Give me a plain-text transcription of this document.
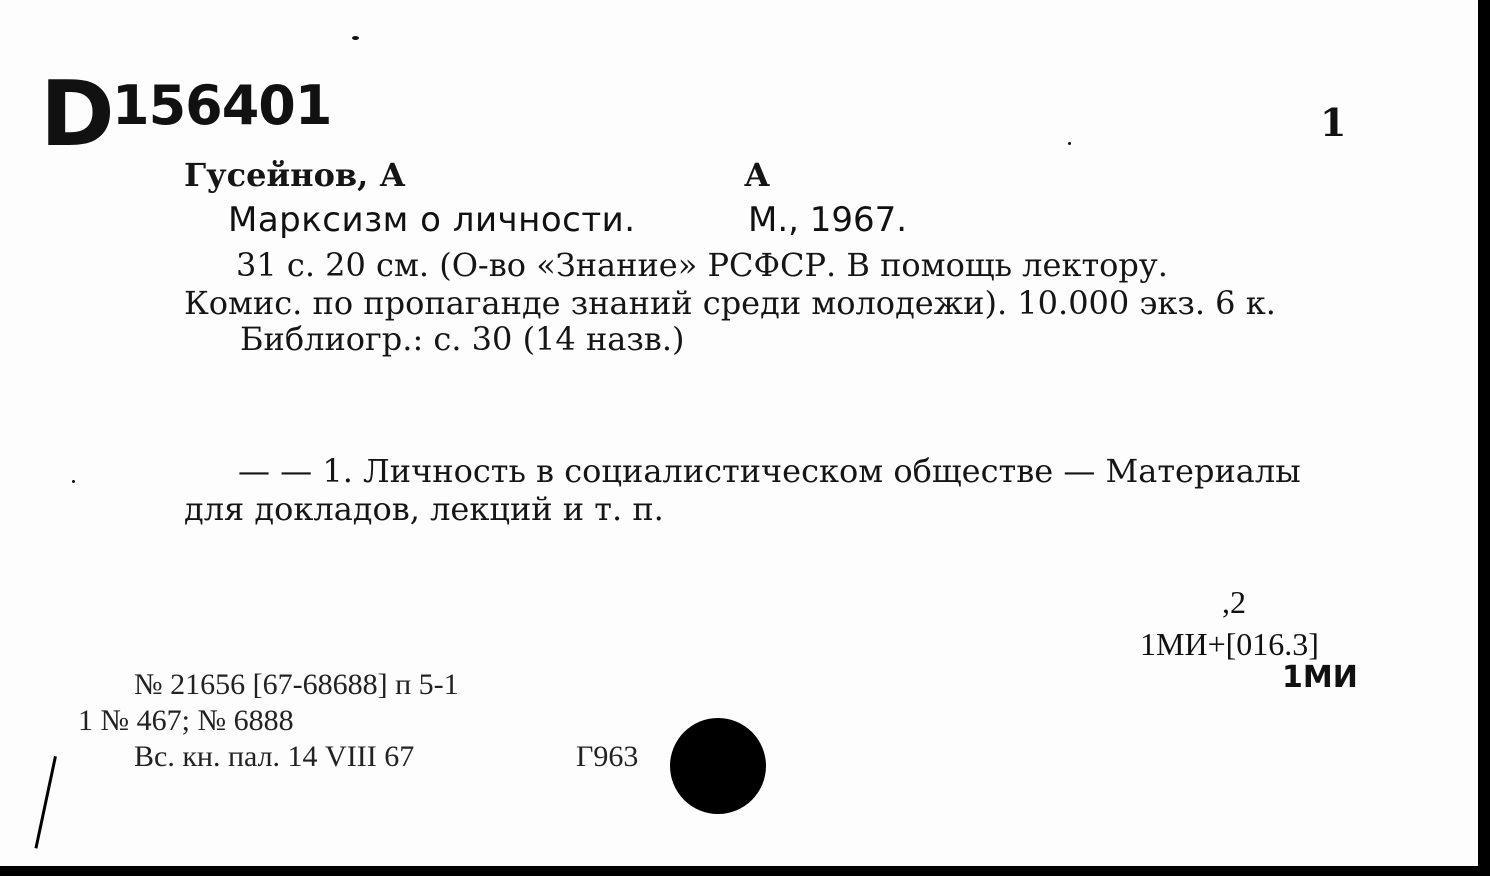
D 156401	1
Гусейнов, А	А
Марксизм о личности.	М., 1967.
31 с. 20 см. (О-во «Знание» РСФСР. В помощь лектору.
Комис. по пропаганде знаний среди молодежи). 10.000 экз. 6 к.
Библиогр.: с. 30 (14 назв.)
— — 1. Личность в социалистическом обществе — Материалы
для докладов, лекций и т. п.
№ 21656 [67-68688] п 5-1
1 № 467; № 6888
Вс. кн. пал. 14 VIII 67	Г963
,2
1МИ+[016.3]
1МИ
